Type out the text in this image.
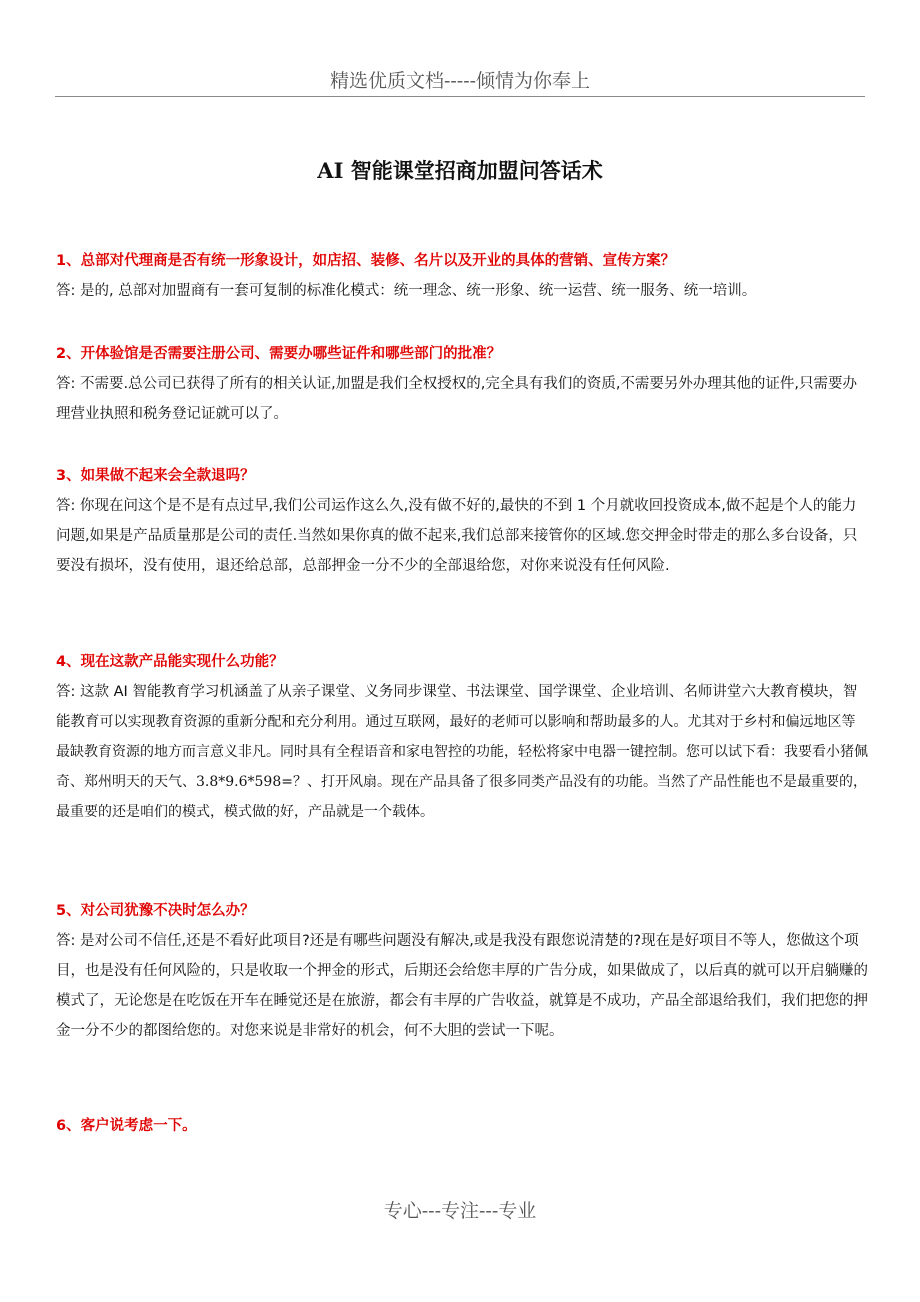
精选优质文档-----倾情为你奉上
AI 智能课堂招商加盟问答话术
1、总部对代理商是否有统一形象设计，如店招、装修、名片以及开业的具体的营销、宣传方案？

答: 是的, 总部对加盟商有一套可复制的标准化模式：统一理念、统一形象、统一运营、统一服务、统一培训。

2、开体验馆是否需要注册公司、需要办哪些证件和哪些部门的批准？

答: 不需要.总公司已获得了所有的相关认证,加盟是我们全权授权的,完全具有我们的资质,不需要另外办理其他的证件,只需要办理营业执照和税务登记证就可以了。

3、如果做不起来会全款退吗？

答: 你现在问这个是不是有点过早,我们公司运作这么久,没有做不好的,最快的不到 1 个月就收回投资成本,做不起是个人的能力问题,如果是产品质量那是公司的责任.当然如果你真的做不起来,我们总部来接管你的区域.您交押金时带走的那么多台设备，只要没有损坏，没有使用，退还给总部，总部押金一分不少的全部退给您，对你来说没有任何风险.

4、现在这款产品能实现什么功能？

答: 这款 AI 智能教育学习机涵盖了从亲子课堂、义务同步课堂、书法课堂、国学课堂、企业培训、名师讲堂六大教育模块，智能教育可以实现教育资源的重新分配和充分利用。通过互联网，最好的老师可以影响和帮助最多的人。尤其对于乡村和偏远地区等最缺教育资源的地方而言意义非凡。同时具有全程语音和家电智控的功能，轻松将家中电器一键控制。您可以试下看：我要看小猪佩奇、郑州明天的天气、3.8*9.6*598=？、打开风扇。现在产品具备了很多同类产品没有的功能。当然了产品性能也不是最重要的，最重要的还是咱们的模式，模式做的好，产品就是一个载体。

5、对公司犹豫不决时怎么办？

答: 是对公司不信任,还是不看好此项目?还是有哪些问题没有解决,或是我没有跟您说清楚的?现在是好项目不等人，您做这个项目，也是没有任何风险的，只是收取一个押金的形式，后期还会给您丰厚的广告分成，如果做成了，以后真的就可以开启躺赚的模式了，无论您是在吃饭在开车在睡觉还是在旅游，都会有丰厚的广告收益，就算是不成功，产品全部退给我们，我们把您的押金一分不少的都图给您的。对您来说是非常好的机会，何不大胆的尝试一下呢。

6、客户说考虑一下。
专心---专注---专业
